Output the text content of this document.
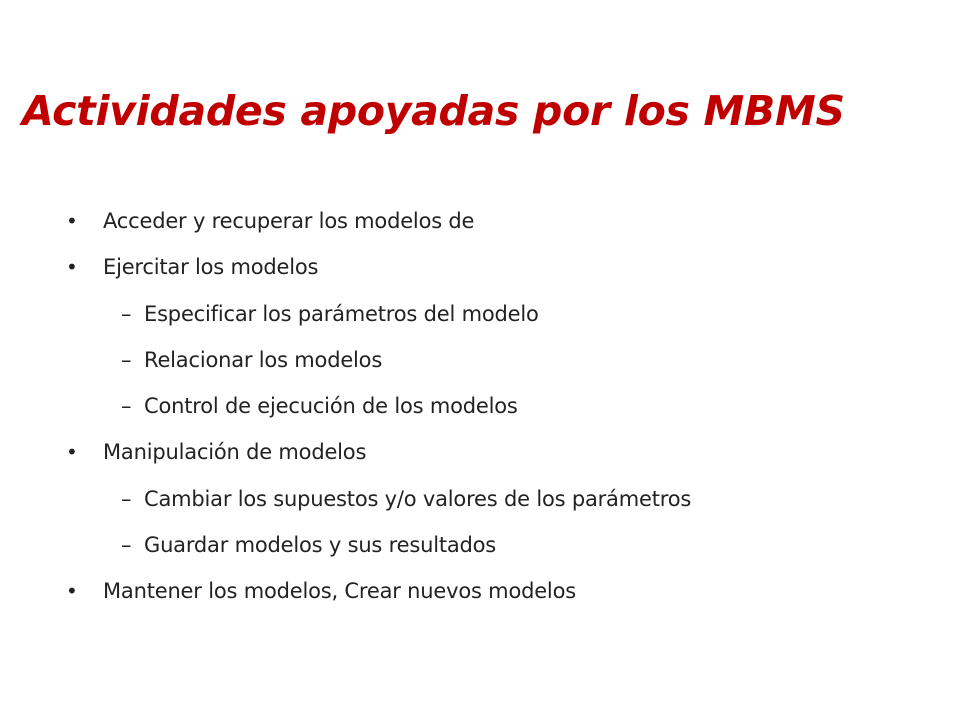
Actividades apoyadas por los MBMS
• Acceder y recuperar los modelos de
• Ejercitar los modelos
– Especificar los parámetros del modelo
– Relacionar los modelos
– Control de ejecución de los modelos
• Manipulación de modelos
– Cambiar los supuestos y/o valores de los parámetros
– Guardar modelos y sus resultados
• Mantener los modelos, Crear nuevos modelos
